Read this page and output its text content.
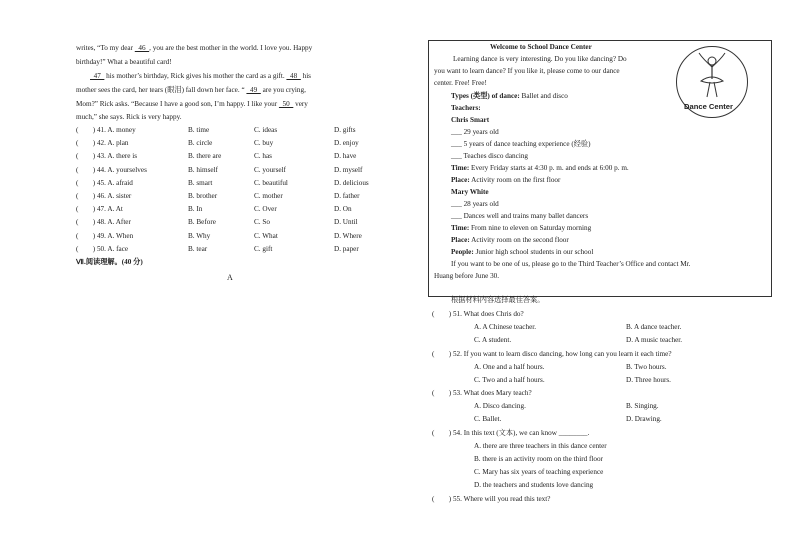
writes, “To my dear   46  , you are the best mother in the world. I love you. Happy
birthday!” What a beautiful card!
47   his mother’s birthday, Rick gives his mother the card as a gift.   48   his
mother sees the card, her tears (眼泪) fall down her face. “   49   are you crying,
Mom?” Rick asks. “Because I have a good son, I’m happy. I like your   50   very
much,” she says. Rick is very happy.
(　　) 41. A. money	B. time	C. ideas	D. gifts
(　　) 42. A. plan	B. circle	C. buy	D. enjoy
(　　) 43. A. there is	B. there are	C. has	D. have
(　　) 44. A. yourselves	B. himself	C. yourself	D. myself
(　　) 45. A. afraid	B. smart	C. beautiful	D. delicious
(　　) 46. A. sister	B. brother	C. mother	D. father
(　　) 47. A. At	B. In	C. Over	D. On
(　　) 48. A. After	B. Before	C. So	D. Until
(　　) 49. A. When	B. Why	C. What	D. Where
(　　) 50. A. face	B. tear	C. gift	D. paper
Ⅶ.阅读理解。(40 分)
A
Dance Center
Welcome to School Dance Center
Learning dance is very interesting. Do you like dancing? Do
you want to learn dance? If you like it, please come to our dance
center. Free! Free!
Types (类型) of dance: Ballet and disco
Teachers:
Chris Smart
___ 29 years old
___ 5 years of dance teaching experience (经验)
___ Teaches disco dancing
Time: Every Friday starts at 4:30 p. m. and ends at 6:00 p. m.
Place: Activity room on the first floor
Mary White
___ 28 years old
___ Dances well and trains many ballet dancers
Time: From nine to eleven on Saturday morning
Place: Activity room on the second floor
People: Junior high school students in our school
If you want to be one of us, please go to the Third Teacher’s Office and contact Mr.
Huang before June 30.
根据材料内容选择最佳答案。
(　　) 51. What does Chris do?
A. A Chinese teacher.	B. A dance teacher.
C. A student.	D. A music teacher.
(　　) 52. If you want to learn disco dancing, how long can you learn it each time?
A. One and a half hours.	B. Two hours.
C. Two and a half hours.	D. Three hours.
(　　) 53. What does Mary teach?
A. Disco dancing.	B. Singing.
C. Ballet.	D. Drawing.
(　　) 54. In this text (文本), we can know ________.
A. there are three teachers in this dance center
B. there is an activity room on the third floor
C. Mary has six years of teaching experience
D. the teachers and students love dancing
(　　) 55. Where will you read this text?
